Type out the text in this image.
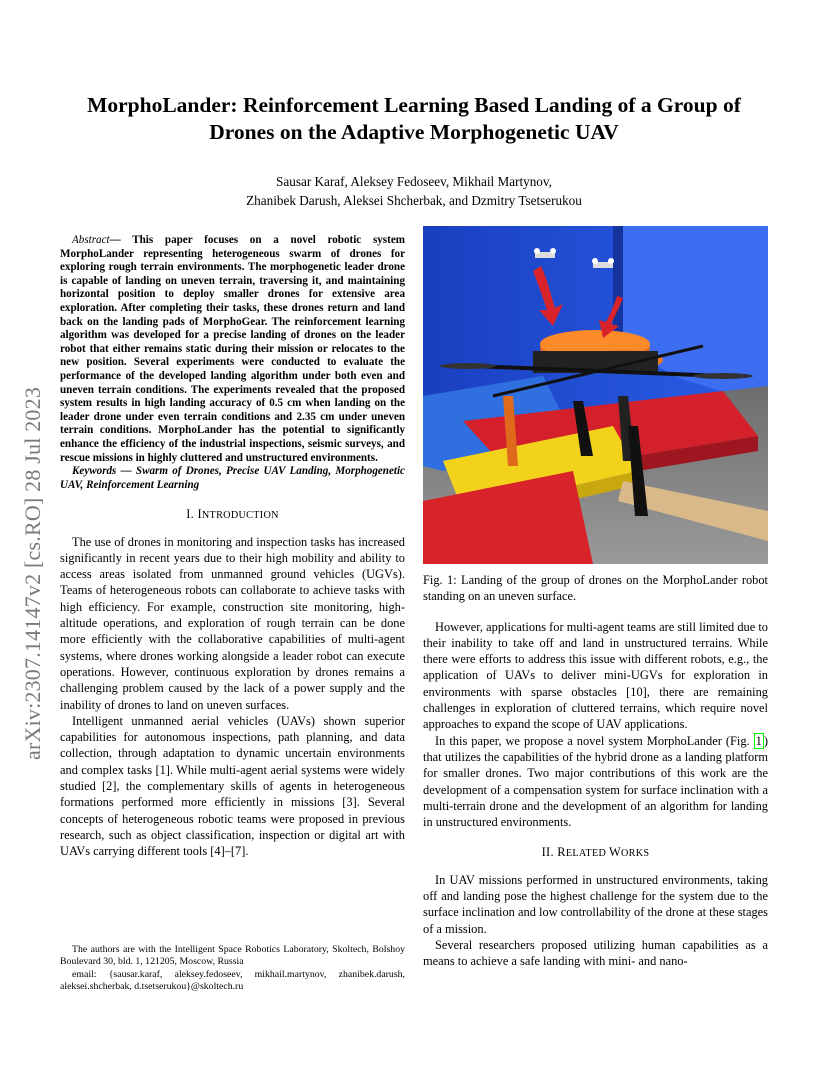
MorphoLander: Reinforcement Learning Based Landing of a Group of Drones on the Adaptive Morphogenetic UAV
Sausar Karaf, Aleksey Fedoseev, Mikhail Martynov,
Zhanibek Darush, Aleksei Shcherbak, and Dzmitry Tsetserukou
arXiv:2307.14147v2 [cs.RO] 28 Jul 2023

Abstract— This paper focuses on a novel robotic system MorphoLander representing heterogeneous swarm of drones for exploring rough terrain environments. The morphogenetic leader drone is capable of landing on uneven terrain, traversing it, and maintaining horizontal position to deploy smaller drones for extensive area exploration. After completing their tasks, these drones return and land back on the landing pads of MorphoGear. The reinforcement learning algorithm was developed for a precise landing of drones on the leader robot that either remains static during their mission or relocates to the new position. Several experiments were conducted to evaluate the performance of the developed landing algorithm under both even and uneven terrain conditions. The experiments revealed that the proposed system results in high landing accuracy of 0.5 cm when landing on the leader drone under even terrain conditions and 2.35 cm under uneven terrain conditions. MorphoLander has the potential to significantly enhance the efficiency of the industrial inspections, seismic surveys, and rescue missions in highly cluttered and unstructured environments.

Keywords — Swarm of Drones, Precise UAV Landing, Morphogenetic UAV, Reinforcement Learning

I. INTRODUCTION

The use of drones in monitoring and inspection tasks has increased significantly in recent years due to their high mobility and ability to access areas isolated from unmanned ground vehicles (UGVs). Teams of heterogeneous robots can collaborate to achieve tasks with high efficiency. For example, construction site monitoring, high-altitude operations, and exploration of rough terrain can be done more efficiently with the collaborative capabilities of multi-agent systems, where drones working alongside a leader robot can execute operations. However, continuous exploration by drones remains a challenging problem caused by the lack of a power supply and the inability of drones to land on uneven surfaces.

Intelligent unmanned aerial vehicles (UAVs) shown superior capabilities for autonomous inspections, path planning, and data collection, through adaptation to dynamic uncertain environments and complex tasks [1]. While multi-agent aerial systems were widely studied [2], the complementary skills of agents in heterogeneous formations performed more efficiently in missions [3]. Several concepts of heterogeneous robotic teams were proposed in previous research, such as object classification, inspection or digital art with UAVs carrying different tools [4]–[7].

The authors are with the Intelligent Space Robotics Laboratory, Skoltech, Bolshoy Boulevard 30, bld. 1, 121205, Moscow, Russia

email: {sausar.karaf, aleksey.fedoseev, mikhail.martynov, zhanibek.darush, aleksei.shcherbak, d.tsetserukou}@skoltech.ru

Fig. 1: Landing of the group of drones on the MorphoLander robot standing on an uneven surface.

However, applications for multi-agent teams are still limited due to their inability to take off and land in unstructured terrains. While there were efforts to address this issue with different robots, e.g., the application of UAVs to deliver mini-UGVs for exploration in environments with sparse obstacles [10], there are remaining challenges in exploration of cluttered terrains, which require novel approaches to expand the scope of UAV applications.

In this paper, we propose a novel system MorphoLander (Fig. 1 ) that utilizes the capabilities of the hybrid drone as a landing platform for smaller drones. Two major contributions of this work are the development of a compensation system for surface inclination with a multi-terrain drone and the development of an algorithm for landing in unstructured environments.

II. RELATED WORKS

In UAV missions performed in unstructured environments, taking off and landing pose the highest challenge for the system due to the surface inclination and low controllability of the drone at these stages of a mission.

Several researchers proposed utilizing human capabilities as a means to achieve a safe landing with mini- and nano-
